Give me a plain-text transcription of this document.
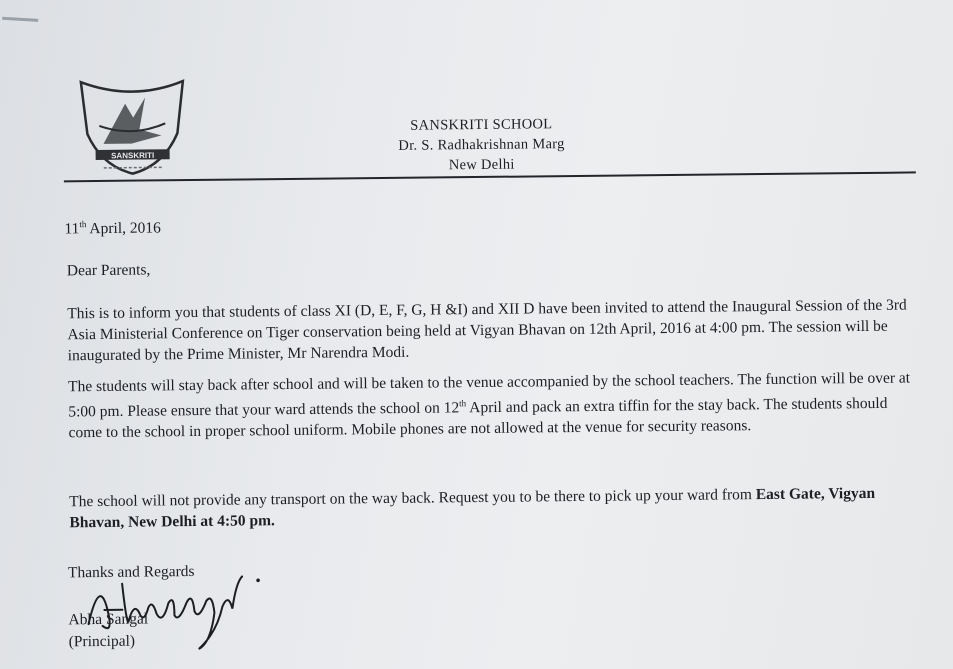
SANSKRITI
SANSKRITI SCHOOL
Dr. S. Radhakrishnan Marg
New Delhi
11th April, 2016
Dear Parents,
This is to inform you that students of class XI (D, E, F, G, H &I) and XII D have been invited to attend the Inaugural Session of the 3rd Asia Ministerial Conference on Tiger conservation being held at Vigyan Bhavan on 12th April, 2016 at 4:00 pm. The session will be inaugurated by the Prime Minister, Mr Narendra Modi.
The students will stay back after school and will be taken to the venue accompanied by the school teachers. The function will be over at 5:00 pm. Please ensure that your ward attends the school on 12th April and pack an extra tiffin for the stay back. The students should come to the school in proper school uniform. Mobile phones are not allowed at the venue for security reasons.
The school will not provide any transport on the way back. Request you to be there to pick up your ward from East Gate, Vigyan Bhavan, New Delhi at 4:50 pm.
Thanks and Regards
Abha Sangal
(Principal)
